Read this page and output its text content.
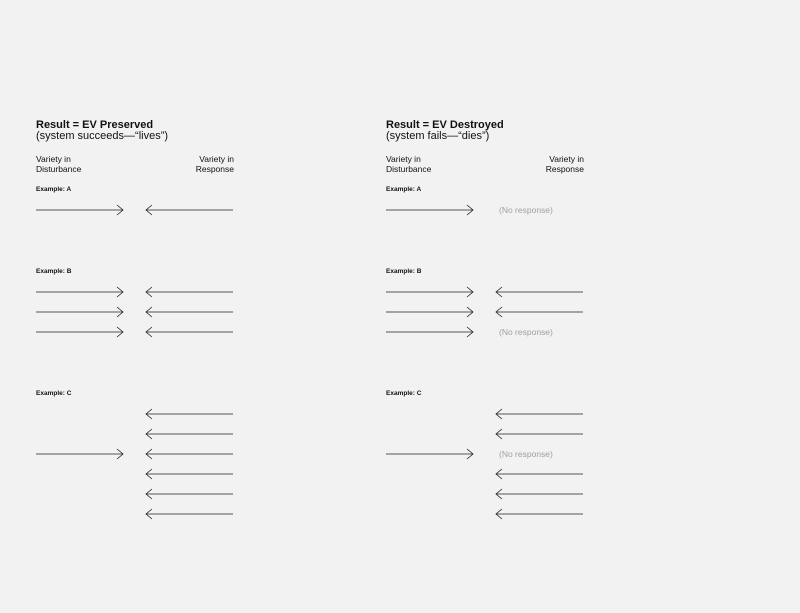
Result = EV Preserved
(system succeeds—“lives”)
Variety in
Disturbance
Variety in
Response
Example: A
Example: B
Example: C
Result = EV Destroyed
(system fails—“dies”)
Variety in
Disturbance
Variety in
Response
Example: A
(No response)
Example: B
(No response)
Example: C
(No response)
